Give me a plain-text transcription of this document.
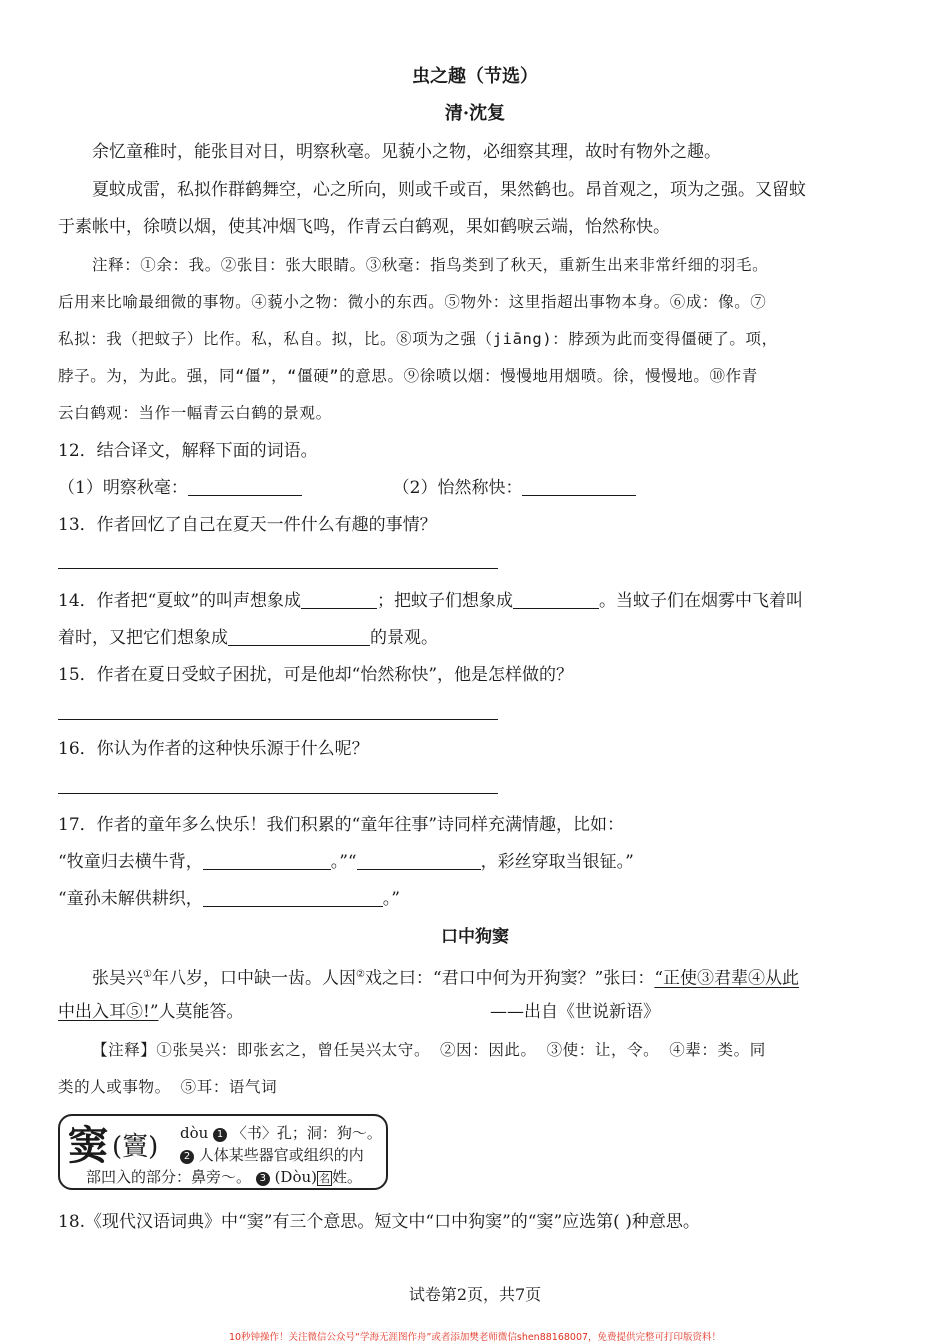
虫之趣（节选）
清·沈复
余忆童稚时，能张目对日，明察秋毫。见藐小之物，必细察其理，故时有物外之趣。
夏蚊成雷，私拟作群鹤舞空，心之所向，则或千或百，果然鹤也。昂首观之，项为之强。又留蚊
于素帐中，徐喷以烟，使其冲烟飞鸣，作青云白鹤观，果如鹤唳云端，怡然称快。
注释：①余：我。②张目：张大眼睛。③秋毫：指鸟类到了秋天，重新生出来非常纤细的羽毛。
后用来比喻最细微的事物。④藐小之物：微小的东西。⑤物外：这里指超出事物本身。⑥成：像。⑦
私拟：我（把蚊子）比作。私，私自。拟，比。⑧项为之强（jiāng)：脖颈为此而变得僵硬了。项，
脖子。为，为此。强，同“僵”，“僵硬”的意思。⑨徐喷以烟：慢慢地用烟喷。徐，慢慢地。⑩作青
云白鹤观：当作一幅青云白鹤的景观。
12．结合译文，解释下面的词语。
（1）明察秋毫：	（2）怡然称快：
13．作者回忆了自己在夏天一件什么有趣的事情？
14．作者把“夏蚊”的叫声想象成	；把蚊子们想象成	。当蚊子们在烟雾中飞着叫
着时，又把它们想象成	的景观。
15．作者在夏日受蚊子困扰，可是他却“怡然称快”，他是怎样做的？
16．你认为作者的这种快乐源于什么呢？
17．作者的童年多么快乐！我们积累的“童年往事”诗同样充满情趣，比如：
“牧童归去横牛背，	。”“	，彩丝穿取当银钲。”
“童孙未解供耕织，	。”
口中狗窦
张吴兴①年八岁，口中缺一齿。人因②戏之曰：“君口中何为开狗窦？”张曰：“正使③君辈④从此
中出入耳⑤!”人莫能答。	——出自《世说新语》
【注释】①张吴兴：即张玄之，曾任吴兴太守。 ②因：因此。 ③使：让，令。 ④辈：类。同
类的人或事物。 ⑤耳：语气词
窦 (竇) dòu 1 〈书〉孔；洞：狗～。
2 人体某些器官或组织的内
部凹入的部分：鼻旁～。 3 (Dòu) 名 姓。
18.《现代汉语词典》中“窦”有三个意思。短文中“口中狗窦”的“窦”应选第( )种意思。
试卷第2页，共7页
10秒钟操作！关注微信公众号“学海无涯图作舟”或者添加樊老师微信shen88168007，免费提供完整可打印版资料！
